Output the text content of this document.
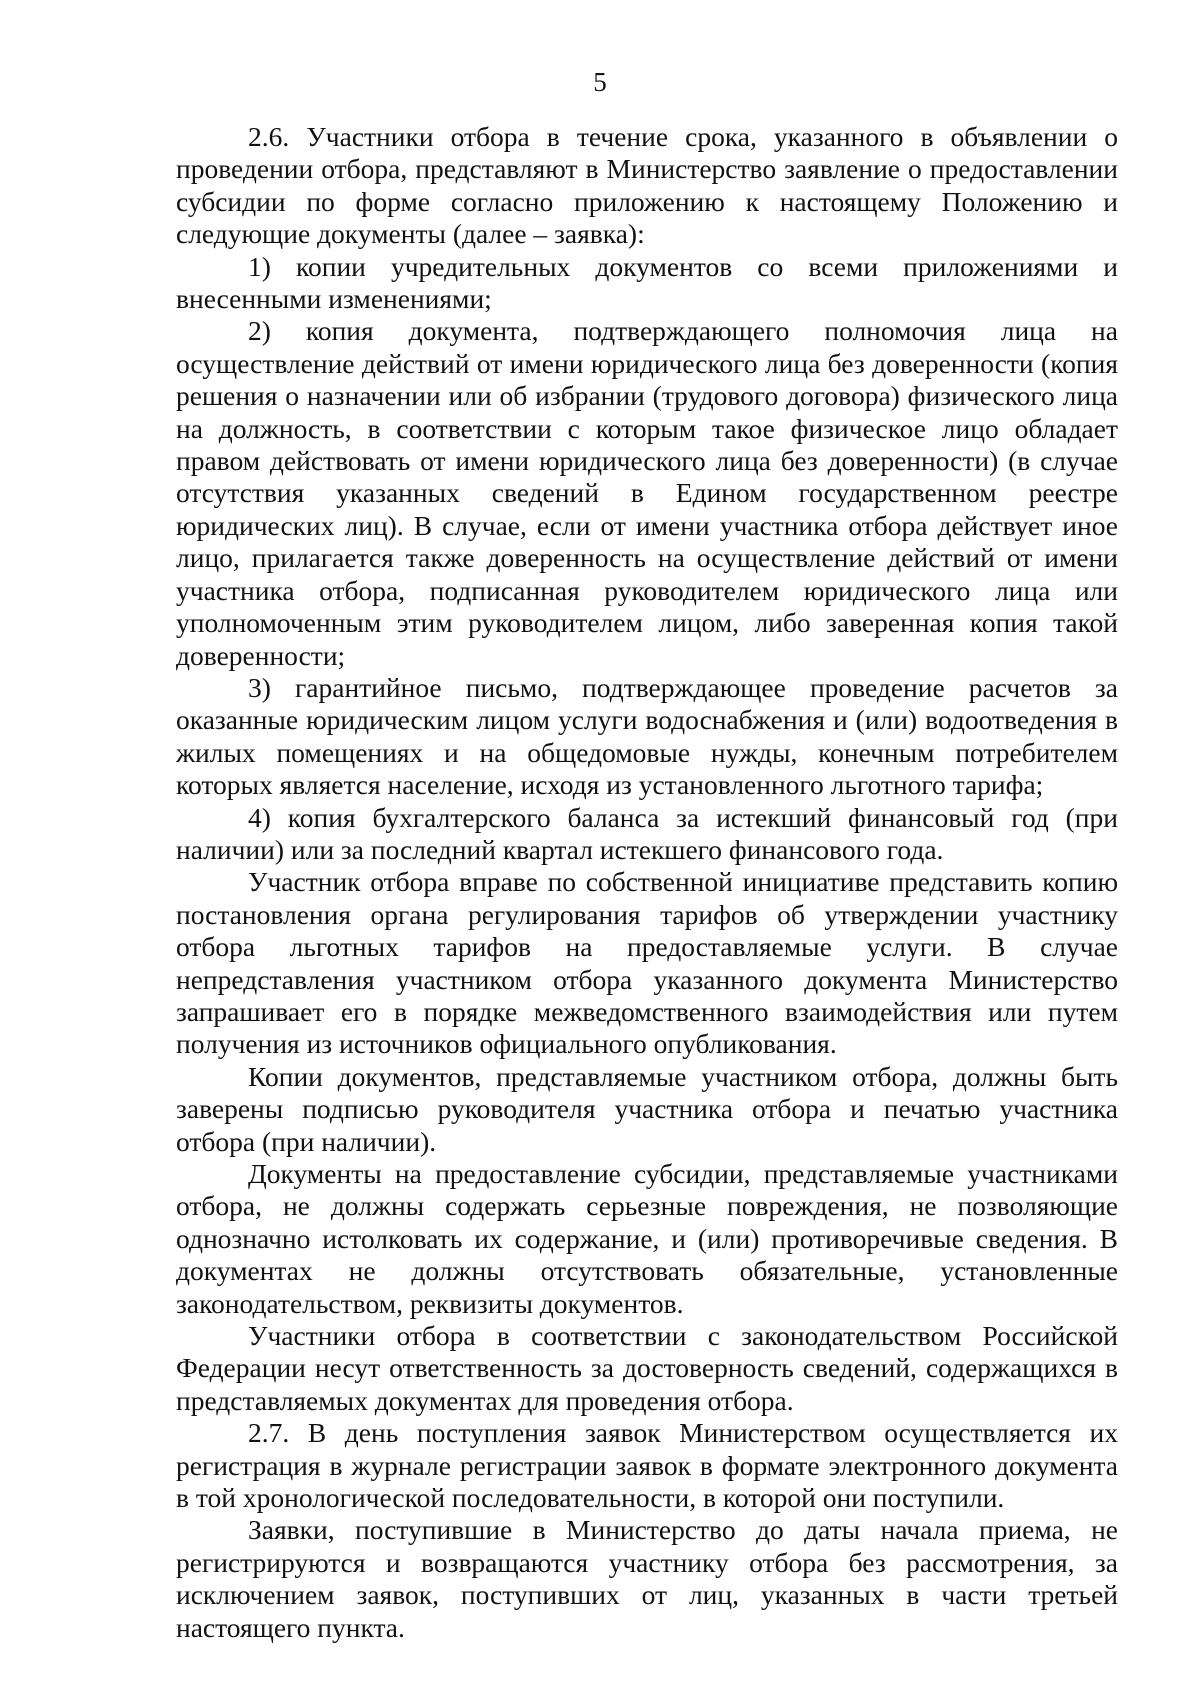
5

2.6. Участники отбора в течение срока, указанного в объявлении о проведении отбора, представляют в Министерство заявление о предоставлении субсидии по форме согласно приложению к настоящему Положению и следующие документы (далее – заявка):

1) копии учредительных документов со всеми приложениями и внесенными изменениями;

2) копия документа, подтверждающего полномочия лица на осуществление действий от имени юридического лица без доверенности (копия решения о назначении или об избрании (трудового договора) физического лица на должность, в соответствии с которым такое физическое лицо обладает правом действовать от имени юридического лица без доверенности) (в случае отсутствия указанных сведений в Едином государственном реестре юридических лиц). В случае, если от имени участника отбора действует иное лицо, прилагается также доверенность на осуществление действий от имени участника отбора, подписанная руководителем юридического лица или уполномоченным этим руководителем лицом, либо заверенная копия такой доверенности;

3) гарантийное письмо, подтверждающее проведение расчетов за оказанные юридическим лицом услуги водоснабжения и (или) водоотведения в жилых помещениях и на общедомовые нужды, конечным потребителем которых является население, исходя из установленного льготного тарифа;

4) копия бухгалтерского баланса за истекший финансовый год (при наличии) или за последний квартал истекшего финансового года.

Участник отбора вправе по собственной инициативе представить копию постановления органа регулирования тарифов об утверждении участнику отбора льготных тарифов на предоставляемые услуги. В случае непредставления участником отбора указанного документа Министерство запрашивает его в порядке межведомственного взаимодействия или путем получения из источников официального опубликования.

Копии документов, представляемые участником отбора, должны быть заверены подписью руководителя участника отбора и печатью участника отбора (при наличии).

Документы на предоставление субсидии, представляемые участниками отбора, не должны содержать серьезные повреждения, не позволяющие однозначно истолковать их содержание, и (или) противоречивые сведения. В документах не должны отсутствовать обязательные, установленные законодательством, реквизиты документов.

Участники отбора в соответствии с законодательством Российской Федерации несут ответственность за достоверность сведений, содержащихся в представляемых документах для проведения отбора.

2.7. В день поступления заявок Министерством осуществляется их регистрация в журнале регистрации заявок в формате электронного документа в той хронологической последовательности, в которой они поступили.

Заявки, поступившие в Министерство до даты начала приема, не регистрируются и возвращаются участнику отбора без рассмотрения, за исключением заявок, поступивших от лиц, указанных в части третьей настоящего пункта.
